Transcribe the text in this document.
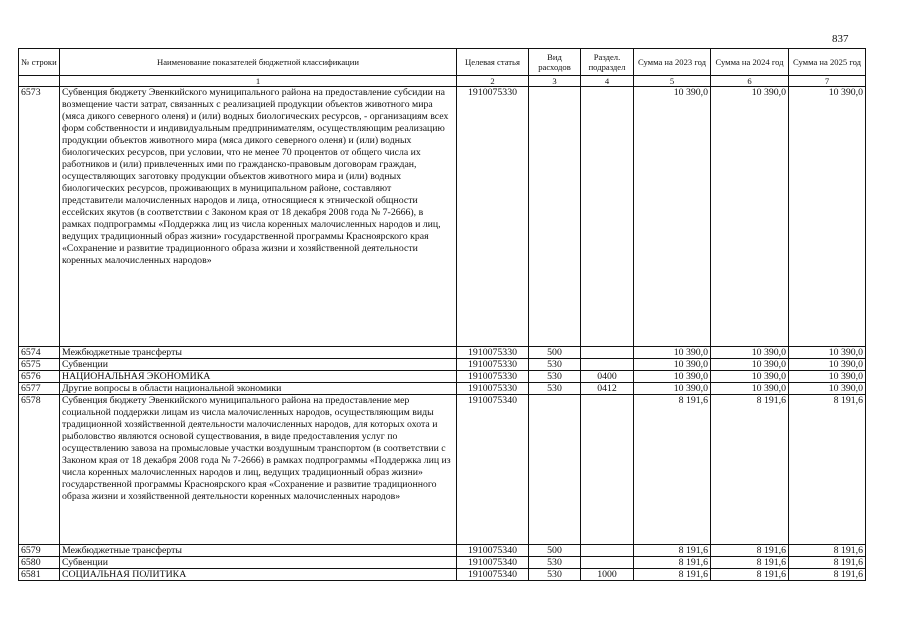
837
№ строки	Наименование показателей бюджетной классификации	Целевая статья	Вид расходов	Раздел. подраздел	Сумма на 2023 год	Сумма на 2024 год	Сумма на 2025 год
	1	2	3	4	5	6	7
6573	Субвенция бюджету Эвенкийского муниципального района на предоставление субсидии на возмещение части затрат, связанных с реализацией продукции объектов животного мира (мяса дикого северного оленя) и (или) водных биологических ресурсов, - организациям всех форм собственности и индивидуальным предпринимателям, осуществляющим реализацию продукции объектов животного мира (мяса дикого северного оленя) и (или) водных биологических ресурсов, при условии, что не менее 70 процентов от общего числа их работников и (или) привлеченных ими по гражданско-правовым договорам граждан, осуществляющих заготовку продукции объектов животного мира и (или) водных биологических ресурсов, проживающих в муниципальном районе, составляют представители малочисленных народов и лица, относящиеся к этнической общности ессейских якутов (в соответствии с Законом края от 18 декабря 2008 года № 7-2666), в рамках подпрограммы «Поддержка лиц из числа коренных малочисленных народов и лиц, ведущих традиционный образ жизни» государственной программы Красноярского края «Сохранение и развитие традиционного образа жизни и хозяйственной деятельности коренных малочисленных народов»	1910075330			10 390,0	10 390,0	10 390,0
6574	Межбюджетные трансферты	1910075330	500		10 390,0	10 390,0	10 390,0
6575	Субвенции	1910075330	530		10 390,0	10 390,0	10 390,0
6576	НАЦИОНАЛЬНАЯ ЭКОНОМИКА	1910075330	530	0400	10 390,0	10 390,0	10 390,0
6577	Другие вопросы в области национальной экономики	1910075330	530	0412	10 390,0	10 390,0	10 390,0
6578	Субвенция бюджету Эвенкийского муниципального района на предоставление мер социальной поддержки лицам из числа малочисленных народов, осуществляющим виды традиционной хозяйственной деятельности малочисленных народов, для которых охота и рыболовство являются основой существования, в виде предоставления услуг по осуществлению завоза на промысловые участки воздушным транспортом (в соответствии с Законом края от 18 декабря 2008 года № 7-2666) в рамках подпрограммы «Поддержка лиц из числа коренных малочисленных народов и лиц, ведущих традиционный образ жизни» государственной программы Красноярского края «Сохранение и развитие традиционного образа жизни и хозяйственной деятельности коренных малочисленных народов»	1910075340			8 191,6	8 191,6	8 191,6
6579	Межбюджетные трансферты	1910075340	500		8 191,6	8 191,6	8 191,6
6580	Субвенции	1910075340	530		8 191,6	8 191,6	8 191,6
6581	СОЦИАЛЬНАЯ ПОЛИТИКА	1910075340	530	1000	8 191,6	8 191,6	8 191,6
